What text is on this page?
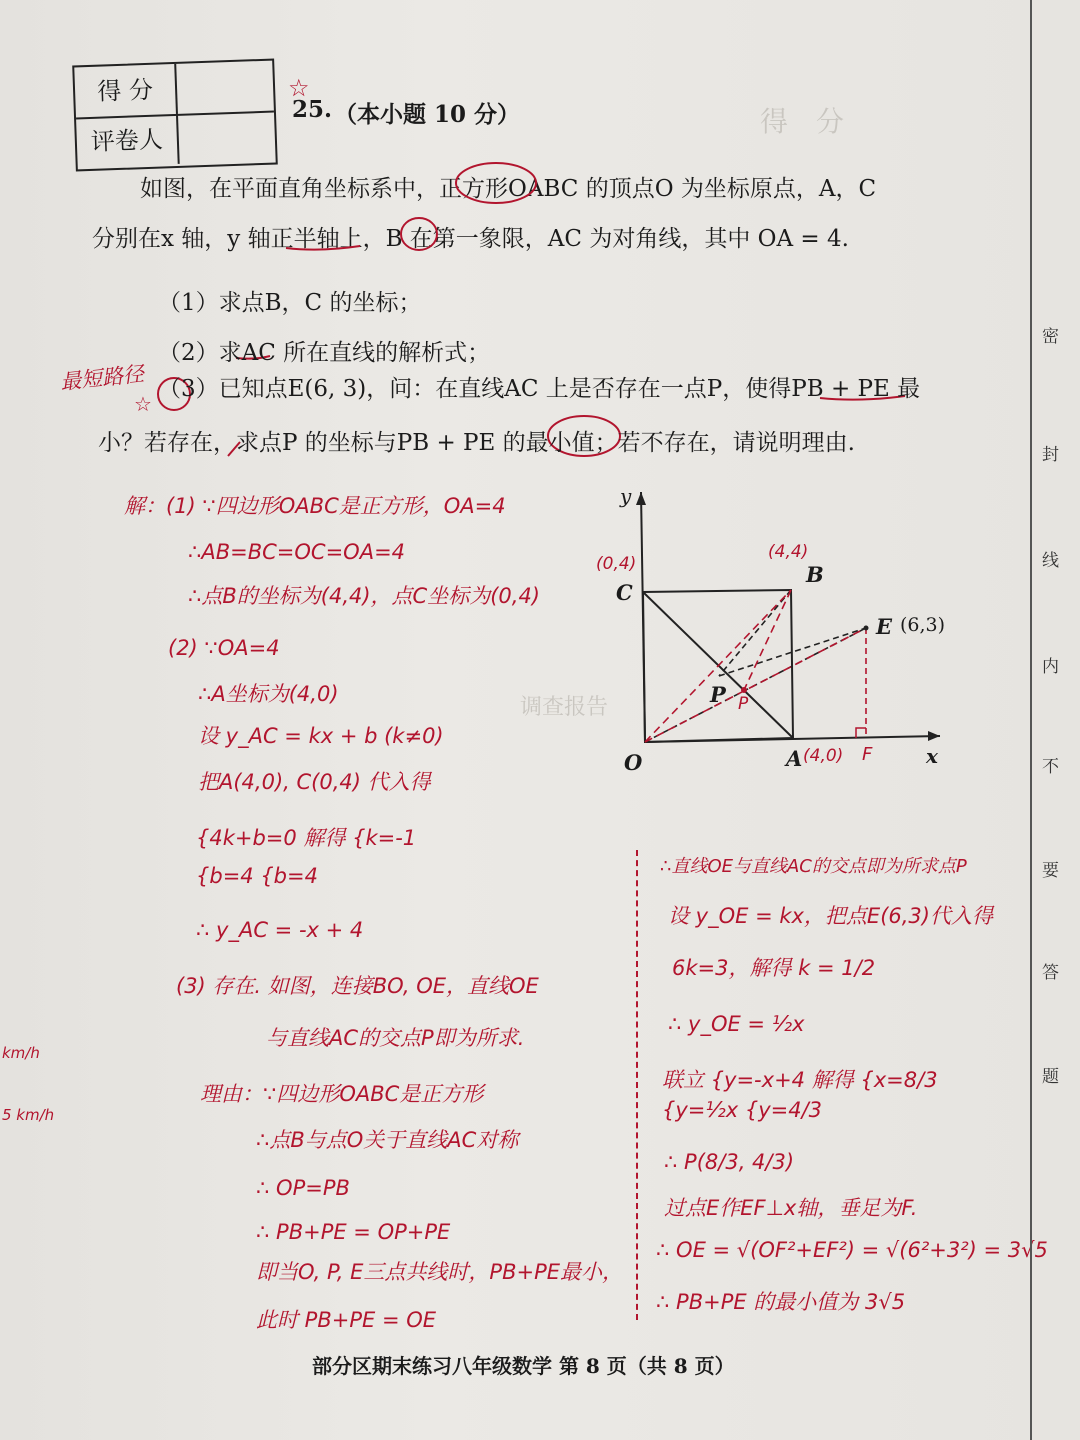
得　分
调查报告
得 分
评卷人
☆
25. （本小题 10 分）
如图，在平面直角坐标系中，正方形OABC 的顶点O 为坐标原点，A，C
分别在x 轴，y 轴正半轴上，B 在第一象限，AC 为对角线，其中 OA = 4.
（1）求点B，C 的坐标；
（2）求AC 所在直线的解析式；
（3）已知点E(6, 3)，问：在直线AC 上是否存在一点P，使得PB + PE 最
小？若存在，求点P 的坐标与PB + PE 的最小值；若不存在，请说明理由.
最短路径
☆
km/h
5 km/h
y
x
O
C
(0,4)	B
(4,4)
E (6,3)
A (4,0) F
P P
解：(1) ∵四边形OABC是正方形，OA=4
∴AB=BC=OC=OA=4
∴点B的坐标为(4,4)，点C坐标为(0,4)
(2) ∵OA=4
∴A坐标为(4,0)
设 y_AC = kx + b (k≠0)
把A(4,0), C(0,4) 代入得
{4k+b=0 解得 {k=-1
{b=4 {b=4
∴ y_AC = -x + 4
(3) 存在. 如图，连接BO, OE，直线OE
与直线AC的交点P即为所求.
理由：∵四边形OABC是正方形
∴点B与点O关于直线AC对称
∴ OP=PB
∴ PB+PE = OP+PE
即当O, P, E三点共线时，PB+PE最小，
此时 PB+PE = OE
∴直线OE与直线AC的交点即为所求点P
设 y_OE = kx，把点E(6,3)代入得
6k=3，解得 k = 1/2
∴ y_OE = ½x
联立 {y=-x+4 解得 {x=8/3
{y=½x {y=4/3
∴ P(8/3, 4/3)
过点E作EF⊥x轴，垂足为F.
∴ OE = √(OF²+EF²) = √(6²+3²) = 3√5
∴ PB+PE 的最小值为 3√5
部分区期末练习八年级数学 第 8 页（共 8 页）
密
封
线
内
不
要
答
题
